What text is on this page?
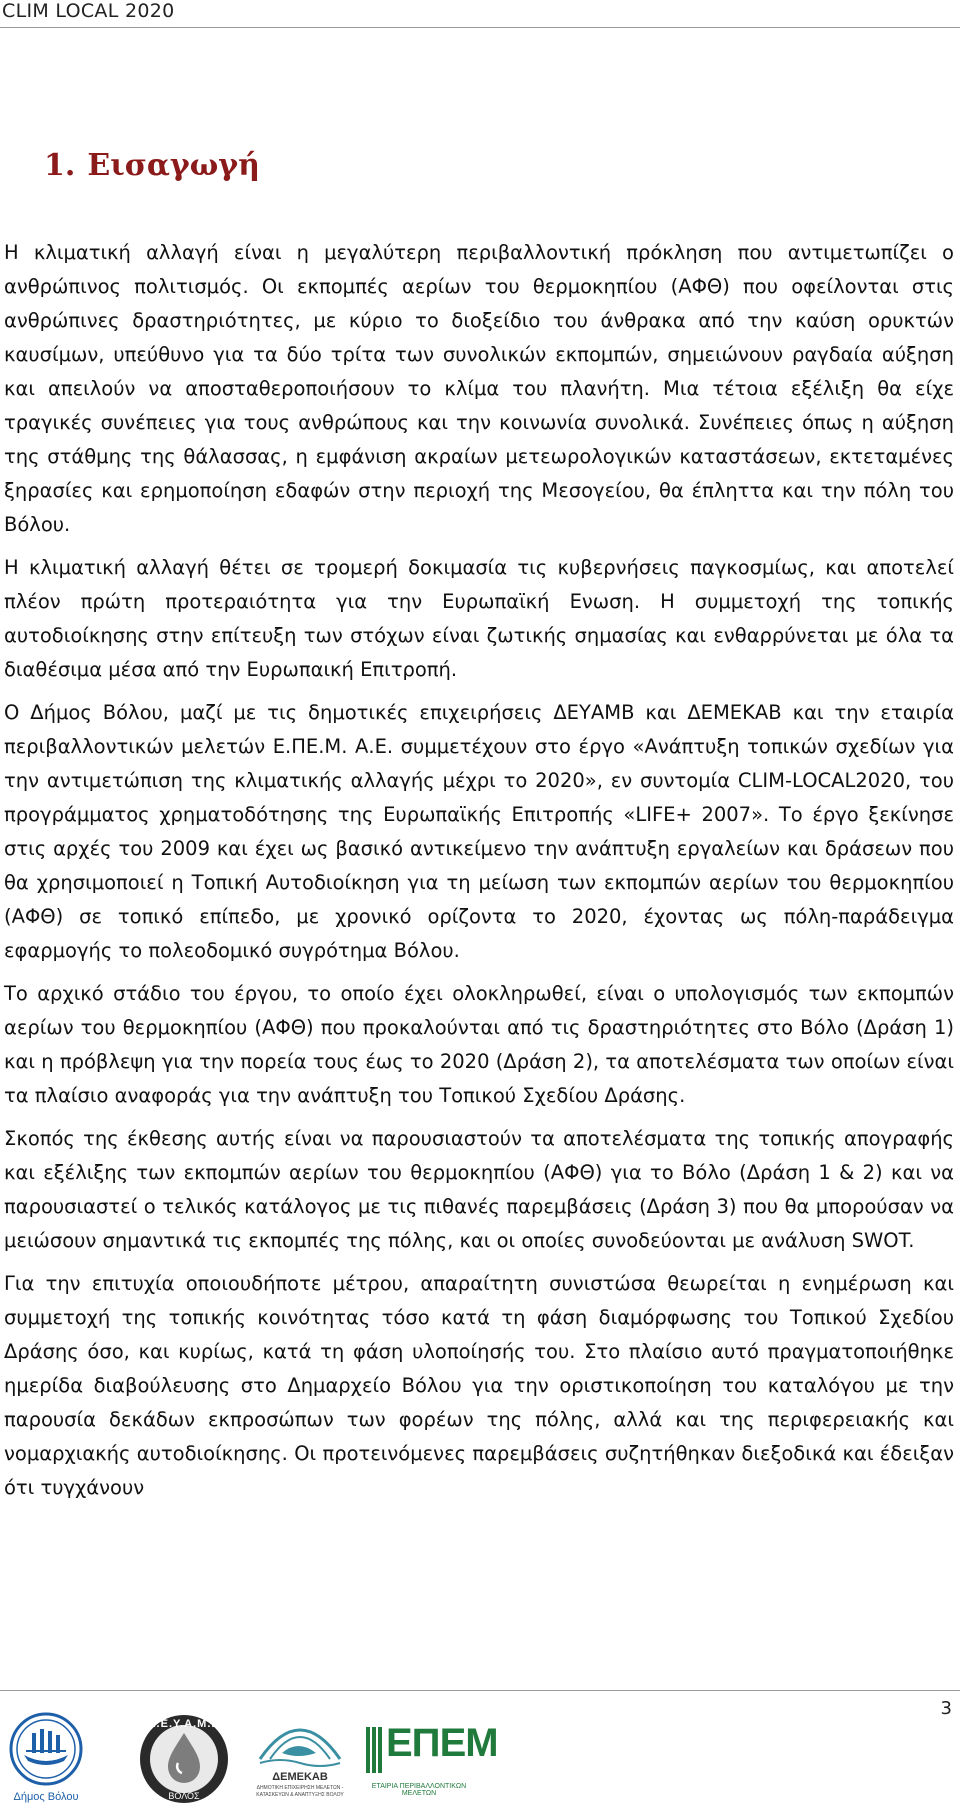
CLIM LOCAL 2020
1. Εισαγωγή

Η κλιματική αλλαγή είναι η μεγαλύτερη περιβαλλοντική πρόκληση που αντιμετωπίζει ο ανθρώπινος πολιτισμός. Οι εκπομπές αερίων του θερμοκηπίου (ΑΦΘ) που οφείλονται στις ανθρώπινες δραστηριότητες, με κύριο το διοξείδιο του άνθρακα από την καύση ορυκτών καυσίμων, υπεύθυνο για τα δύο τρίτα των συνολικών εκπομπών, σημειώνουν ραγδαία αύξηση και απειλούν να αποσταθεροποιήσουν το κλίμα του πλανήτη. Μια τέτοια εξέλιξη θα είχε τραγικές συνέπειες για τους ανθρώπους και την κοινωνία συνολικά. Συνέπειες όπως η αύξηση της στάθμης της θάλασσας, η εμφάνιση ακραίων μετεωρολογικών καταστάσεων, εκτεταμένες ξηρασίες και ερημοποίηση εδαφών στην περιοχή της Μεσογείου, θα έπληττα και την πόλη του Βόλου.

Η κλιματική αλλαγή θέτει σε τρομερή δοκιμασία τις κυβερνήσεις παγκοσμίως, και αποτελεί πλέον πρώτη προτεραιότητα για την Ευρωπαϊκή Ενωση. Η συμμετοχή της τοπικής αυτοδιοίκησης στην επίτευξη των στόχων είναι ζωτικής σημασίας και ενθαρρύνεται με όλα τα διαθέσιμα μέσα από την Ευρωπαική Επιτροπή.

Ο Δήμος Βόλου, μαζί με τις δημοτικές επιχειρήσεις ΔΕΥΑΜΒ και ΔΕΜΕΚΑΒ και την εταιρία περιβαλλοντικών μελετών Ε.ΠΕ.Μ. Α.Ε. συμμετέχουν στο έργο «Ανάπτυξη τοπικών σχεδίων για την αντιμετώπιση της κλιματικής αλλαγής μέχρι το 2020», εν συντομία CLIM-LOCAL2020, του προγράμματος χρηματοδότησης της Ευρωπαϊκής Επιτροπής «LIFE+ 2007». Το έργο ξεκίνησε στις αρχές του 2009 και έχει ως βασικό αντικείμενο την ανάπτυξη εργαλείων και δράσεων που θα χρησιμοποιεί η Τοπική Αυτοδιοίκηση για τη μείωση των εκπομπών αερίων του θερμοκηπίου (ΑΦΘ) σε τοπικό επίπεδο, με χρονικό ορίζοντα το 2020, έχοντας ως πόλη-παράδειγμα εφαρμογής το πολεοδομικό συγρότημα Βόλου.

Το αρχικό στάδιο του έργου, το οποίο έχει ολοκληρωθεί, είναι ο υπολογισμός των εκπομπών αερίων του θερμοκηπίου (ΑΦΘ) που προκαλούνται από τις δραστηριότητες στο Βόλο (Δράση 1) και η πρόβλεψη για την πορεία τους έως το 2020 (Δράση 2), τα αποτελέσματα των οποίων είναι τα πλαίσιο αναφοράς για την ανάπτυξη του Τοπικού Σχεδίου Δράσης.

Σκοπός της έκθεσης αυτής είναι να παρουσιαστούν τα αποτελέσματα της τοπικής απογραφής και εξέλιξης των εκπομπών αερίων του θερμοκηπίου (ΑΦΘ) για το Βόλο (Δράση 1 & 2) και να παρουσιαστεί ο τελικός κατάλογος με τις πιθανές παρεμβάσεις (Δράση 3) που θα μπορούσαν να μειώσουν σημαντικά τις εκπομπές της πόλης, και οι οποίες συνοδεύονται με ανάλυση SWOT.

Για την επιτυχία οποιουδήποτε μέτρου, απαραίτητη συνιστώσα θεωρείται η ενημέρωση και συμμετοχή της τοπικής κοινότητας τόσο κατά τη φάση διαμόρφωσης του Τοπικού Σχεδίου Δράσης όσο, και κυρίως, κατά τη φάση υλοποίησής του. Στο πλαίσιο αυτό πραγματοποιήθηκε ημερίδα διαβούλευσης στο Δημαρχείο Βόλου για την οριστικοποίηση του καταλόγου με την παρουσία δεκάδων εκπροσώπων των φορέων της πόλης, αλλά και της περιφερειακής και νομαρχιακής αυτοδιοίκησης. Οι προτεινόμενες παρεμβάσεις συζητήθηκαν διεξοδικά και έδειξαν ότι τυγχάνουν

3
Δήμος Βόλου
Δ.Ε.Υ.Α.Μ.Β
ΒΟΛΟΣ
ΔΕΜΕΚΑΒ
ΔΗΜΟΤΙΚΗ ΕΠΙΧΕΙΡΗΣΗ ΜΕΛΕΤΩΝ - ΚΑΤΑΣΚΕΥΩΝ & ΑΝΑΠΤΥΞΗΣ ΒΟΛΟΥ
ΕΠΕΜ
ΕΤΑΙΡΙΑ ΠΕΡΙΒΑΛΛΟΝΤΙΚΩΝ ΜΕΛΕΤΩΝ
